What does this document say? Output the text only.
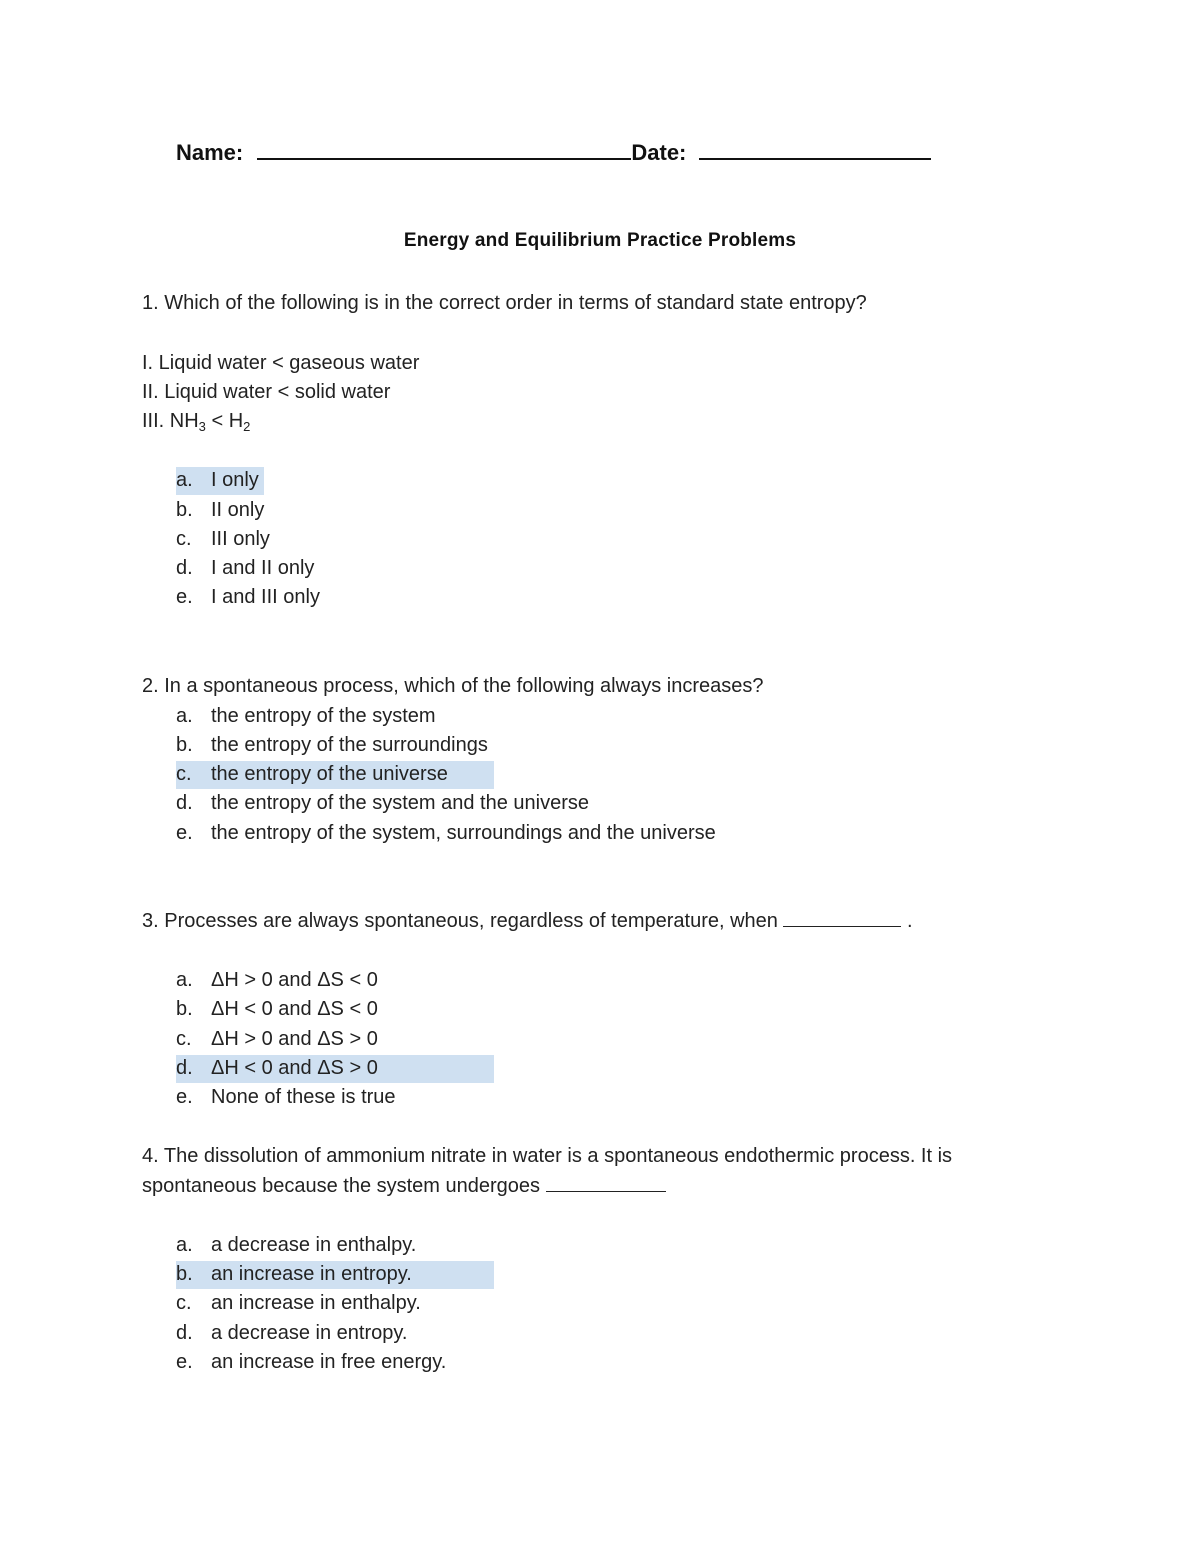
Name:	Date:
Energy and Equilibrium Practice Problems
1. Which of the following is in the correct order in terms of standard state entropy?
I. Liquid water < gaseous water
II. Liquid water < solid water
III. $NH_3 < H_2$
a. I only
b. II only
c. III only
d. I and II only
e. I and III only
2. In a spontaneous process, which of the following always increases?
a. the entropy of the system
b. the entropy of the surroundings
c. the entropy of the universe
d. the entropy of the system and the universe
e. the entropy of the system, surroundings and the universe
3. Processes are always spontaneous, regardless of temperature, when	.
a. ΔH > 0 and ΔS < 0
b. ΔH < 0 and ΔS < 0
c. ΔH > 0 and ΔS > 0
d. ΔH < 0 and ΔS > 0
e. None of these is true
4. The dissolution of ammonium nitrate in water is a spontaneous endothermic process. It is
spontaneous because the system undergoes
a. a decrease in enthalpy.
b. an increase in entropy.
c. an increase in enthalpy.
d. a decrease in entropy.
e. an increase in free energy.
